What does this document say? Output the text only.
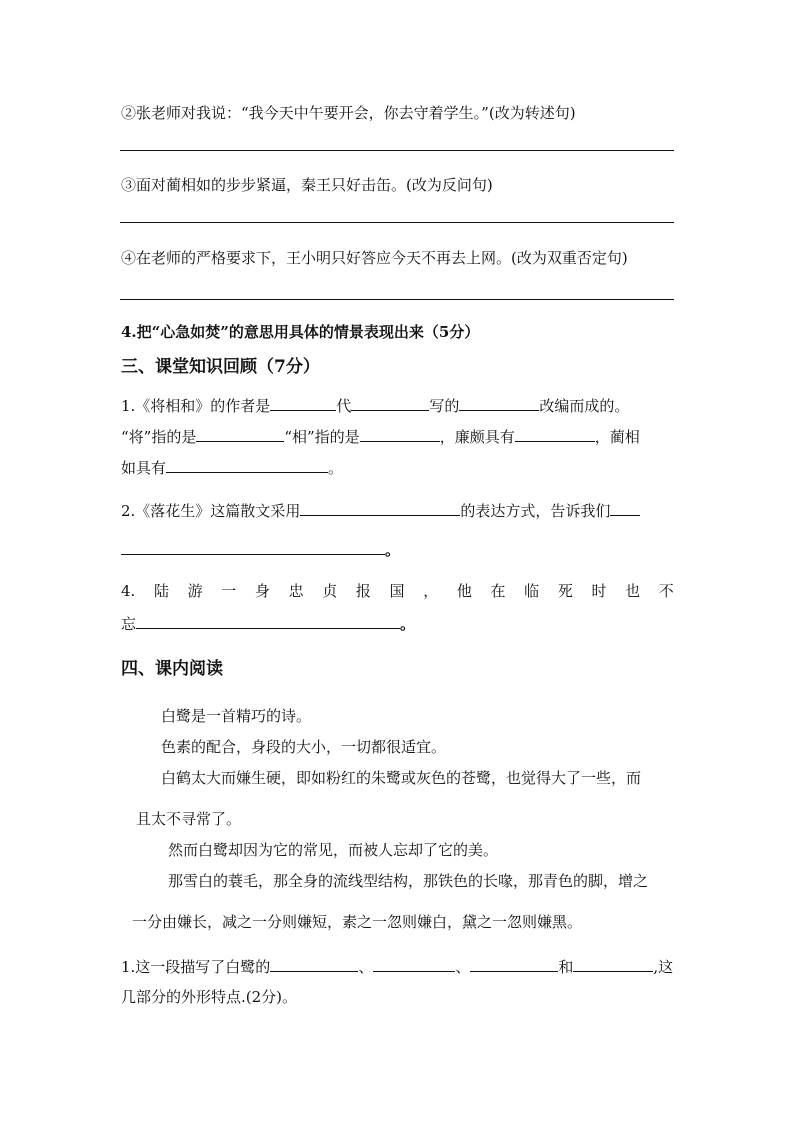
②张老师对我说：“我今天中午要开会，你去守着学生。”(改为转述句)
③面对蔺相如的步步紧逼，秦王只好击缶。(改为反问句)
④在老师的严格要求下，王小明只好答应今天不再去上网。(改为双重否定句)
4.把“心急如焚”的意思用具体的情景表现出来（5分）
三、课堂知识回顾（7分）
1.《将相和》的作者是	代	写的	改编而成的。
“将”指的是	“相”指的是	，廉颇具有	，蔺相
如具有	。
2.《落花生》这篇散文采用	的表达方式，告诉我们
。
4. 陆 游 一 身 忠 贞 报 国 ， 他 在 临 死 时 也 不
忘	。
四、课内阅读
白鹭是一首精巧的诗。
色素的配合，身段的大小，一切都很适宜。
白鹤太大而嫌生硬，即如粉红的朱鹭或灰色的苍鹭，也觉得大了一些，而
且太不寻常了。
然而白鹭却因为它的常见，而被人忘却了它的美。
那雪白的蓑毛，那全身的流线型结构，那铁色的长喙，那青色的脚，增之
一分由嫌长，减之一分则嫌短，素之一忽则嫌白，黛之一忽则嫌黑。
1.这一段描写了白鹭的	、	、	和	,这
几部分的外形特点.(2分)。
